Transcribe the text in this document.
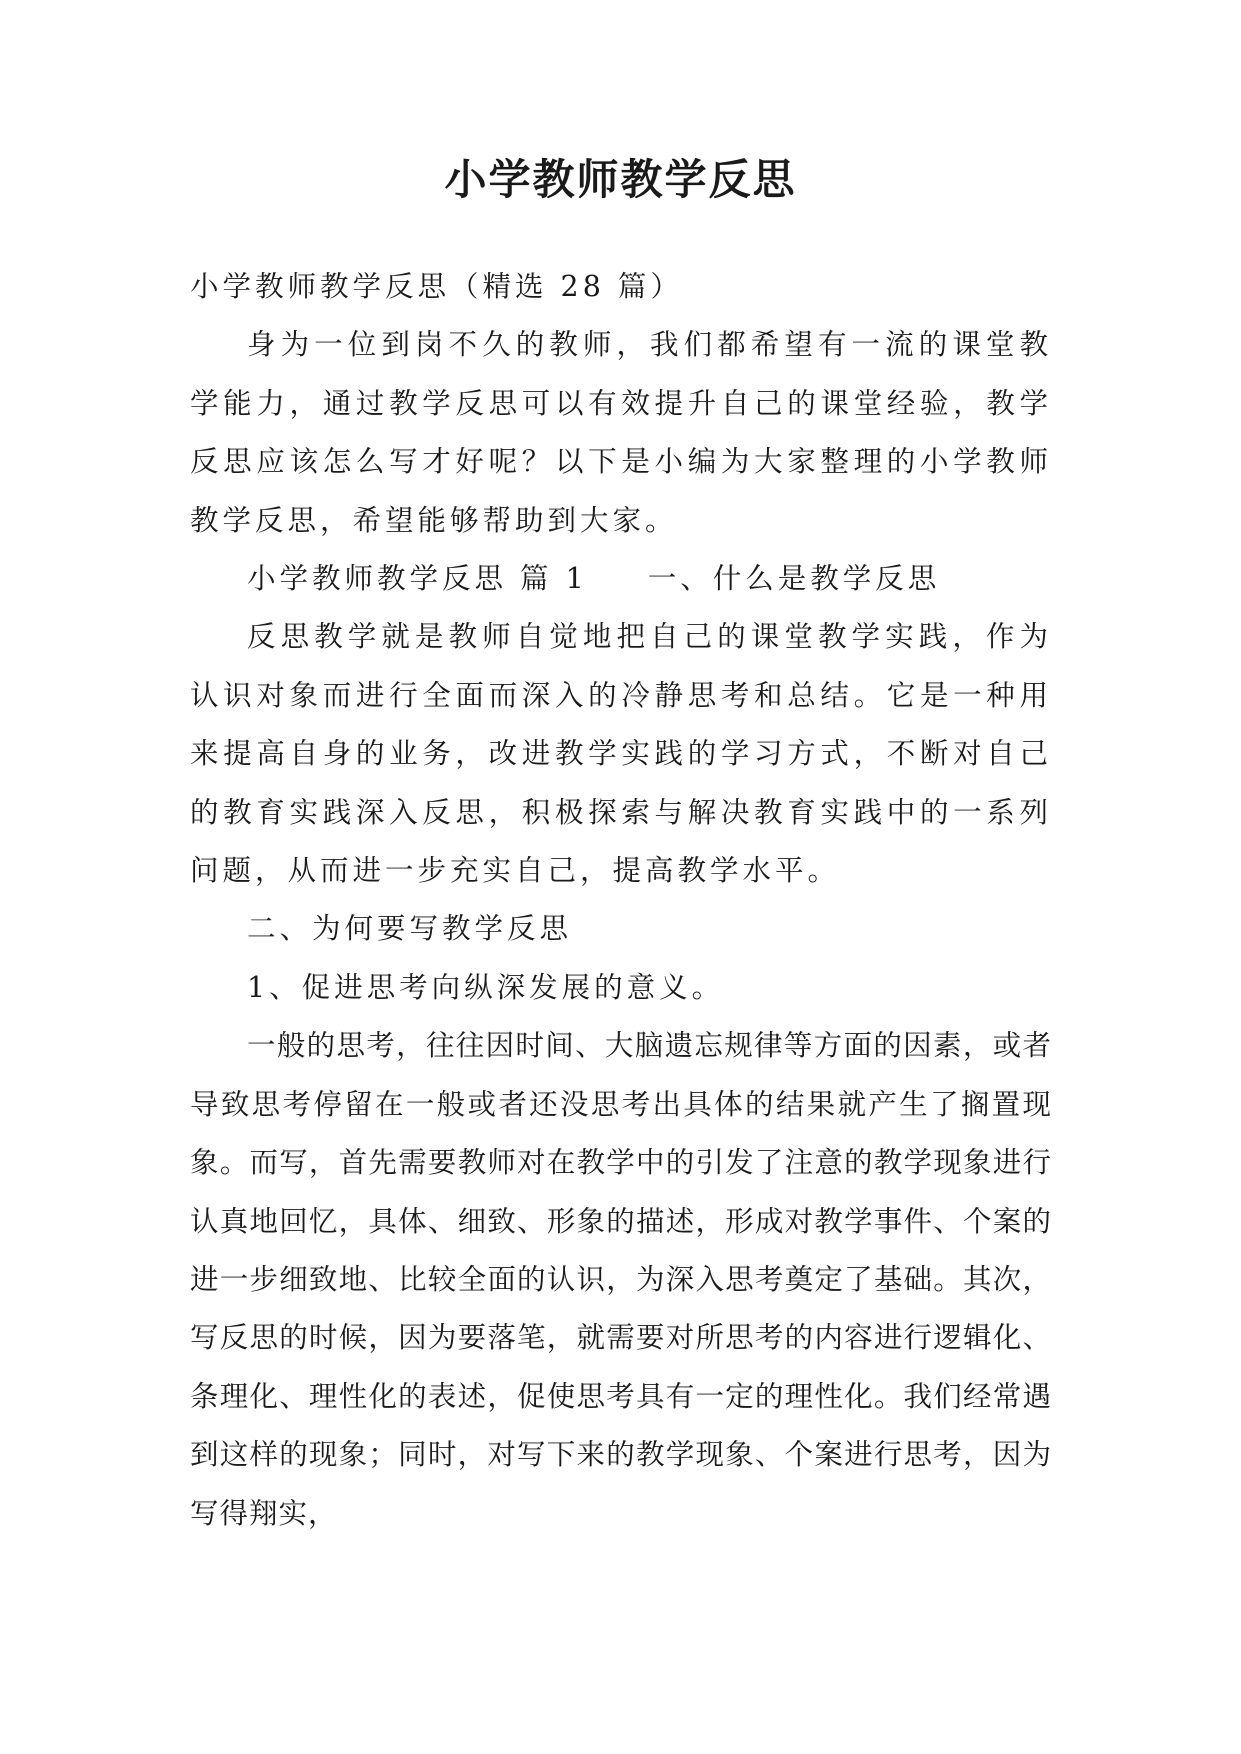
小学教师教学反思

小学教师教学反思（精选 28 篇）

身为一位到岗不久的教师，我们都希望有一流的课堂教学能力，通过教学反思可以有效提升自己的课堂经验，教学反思应该怎么写才好呢？以下是小编为大家整理的小学教师教学反思，希望能够帮助到大家。

小学教师教学反思 篇 1 一、什么是教学反思

反思教学就是教师自觉地把自己的课堂教学实践，作为认识对象而进行全面而深入的冷静思考和总结。它是一种用来提高自身的业务，改进教学实践的学习方式，不断对自己的教育实践深入反思，积极探索与解决教育实践中的一系列问题，从而进一步充实自己，提高教学水平。

二、为何要写教学反思

1、促进思考向纵深发展的意义。

一般的思考，往往因时间、大脑遗忘规律等方面的因素，或者导致思考停留在一般或者还没思考出具体的结果就产生了搁置现象。而写，首先需要教师对在教学中的引发了注意的教学现象进行认真地回忆，具体、细致、形象的描述，形成对教学事件、个案的进一步细致地、比较全面的认识，为深入思考奠定了基础。其次，写反思的时候，因为要落笔，就需要对所思考的内容进行逻辑化、条理化、理性化的表述，促使思考具有一定的理性化。我们经常遇到这样的现象；同时，对写下来的教学现象、个案进行思考，因为写得翔实，
